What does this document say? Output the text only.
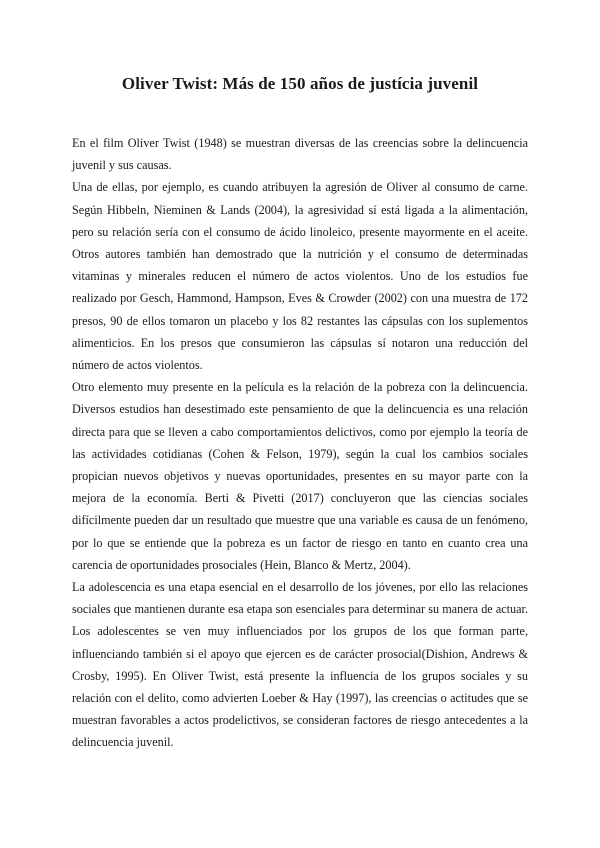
Oliver Twist: Más de 150 años de justícia juvenil

En el film Oliver Twist (1948) se muestran diversas de las creencias sobre la delincuencia juvenil y sus causas.

Una de ellas, por ejemplo, es cuando atribuyen la agresión de Oliver al consumo de carne. Según Hibbeln, Nieminen & Lands (2004), la agresividad sí está ligada a la alimentación, pero su relación sería con el consumo de ácido linoleico, presente mayormente en el aceite. Otros autores también han demostrado que la nutrición y el consumo de determinadas vitaminas y minerales reducen el número de actos violentos. Uno de los estudios fue realizado por Gesch, Hammond, Hampson, Eves & Crowder (2002) con una muestra de 172 presos, 90 de ellos tomaron un placebo y los 82 restantes las cápsulas con los suplementos alimenticios. En los presos que consumieron las cápsulas sí notaron una reducción del número de actos violentos.

Otro elemento muy presente en la película es la relación de la pobreza con la delincuencia. Diversos estudios han desestimado este pensamiento de que la delincuencia es una relación directa para que se lleven a cabo comportamientos delictivos, como por ejemplo la teoría de las actividades cotidianas (Cohen & Felson, 1979), según la cual los cambios sociales propician nuevos objetivos y nuevas oportunidades, presentes en su mayor parte con la mejora de la economía. Berti & Pivetti (2017) concluyeron que las ciencias sociales difícilmente pueden dar un resultado que muestre que una variable es causa de un fenómeno, por lo que se entiende que la pobreza es un factor de riesgo en tanto en cuanto crea una carencia de oportunidades prosociales (Hein, Blanco & Mertz, 2004).

La adolescencia es una etapa esencial en el desarrollo de los jóvenes, por ello las relaciones sociales que mantienen durante esa etapa son esenciales para determinar su manera de actuar. Los adolescentes se ven muy influenciados por los grupos de los que forman parte, influenciando también si el apoyo que ejercen es de carácter prosocial(Dishion, Andrews & Crosby, 1995). En Oliver Twist, está presente la influencia de los grupos sociales y su relación con el delito, como advierten Loeber & Hay (1997), las creencias o actitudes que se muestran favorables a actos prodelictivos, se consideran factores de riesgo antecedentes a la delincuencia juvenil.
